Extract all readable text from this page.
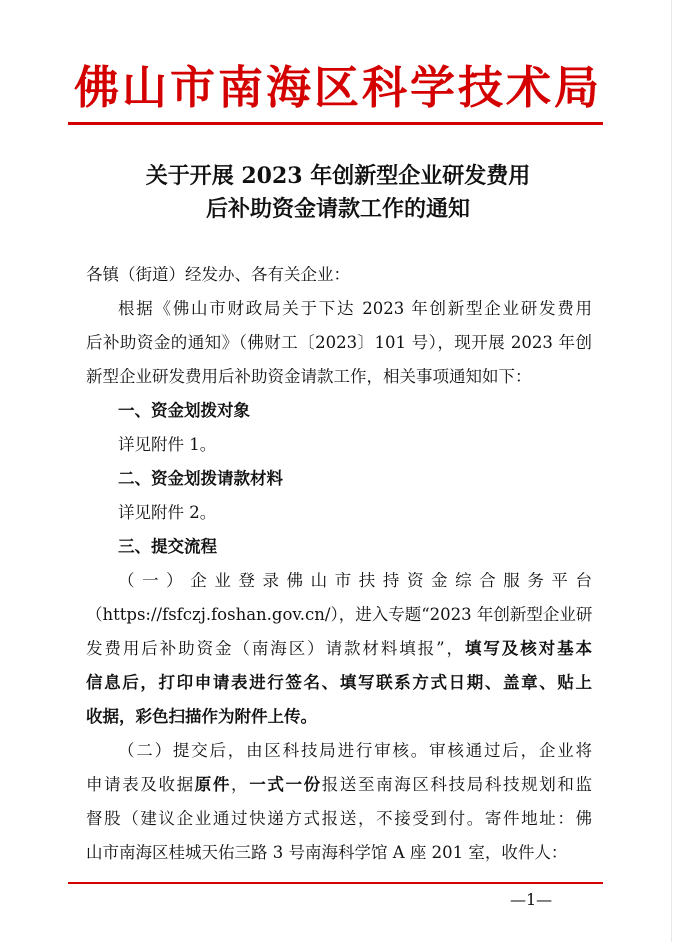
佛山市南海区科学技术局
关于开展 2023 年创新型企业研发费用
后补助资金请款工作的通知
各镇（街道）经发办、各有关企业：
根据《佛山市财政局关于下达 2023 年创新型企业研发费用
后补助资金的通知》（佛财工〔2023〕101 号），现开展 2023 年创
新型企业研发费用后补助资金请款工作，相关事项通知如下：
一、资金划拨对象
详见附件 1。
二、资金划拨请款材料
详见附件 2。
三、提交流程
（一）企业登录佛山市扶持资金综合服务平台
（https://fsfczj.foshan.gov.cn/），进入专题“2023 年创新型企业研
发费用后补助资金（南海区）请款材料填报”，填写及核对基本
信息后，打印申请表进行签名、填写联系方式日期、盖章、贴上
收据，彩色扫描作为附件上传。
（二）提交后，由区科技局进行审核。审核通过后，企业将
申请表及收据原件，一式一份报送至南海区科技局科技规划和监
督股（建议企业通过快递方式报送，不接受到付。寄件地址：佛
山市南海区桂城天佑三路 3 号南海科学馆 A 座 201 室，收件人：
—1—
